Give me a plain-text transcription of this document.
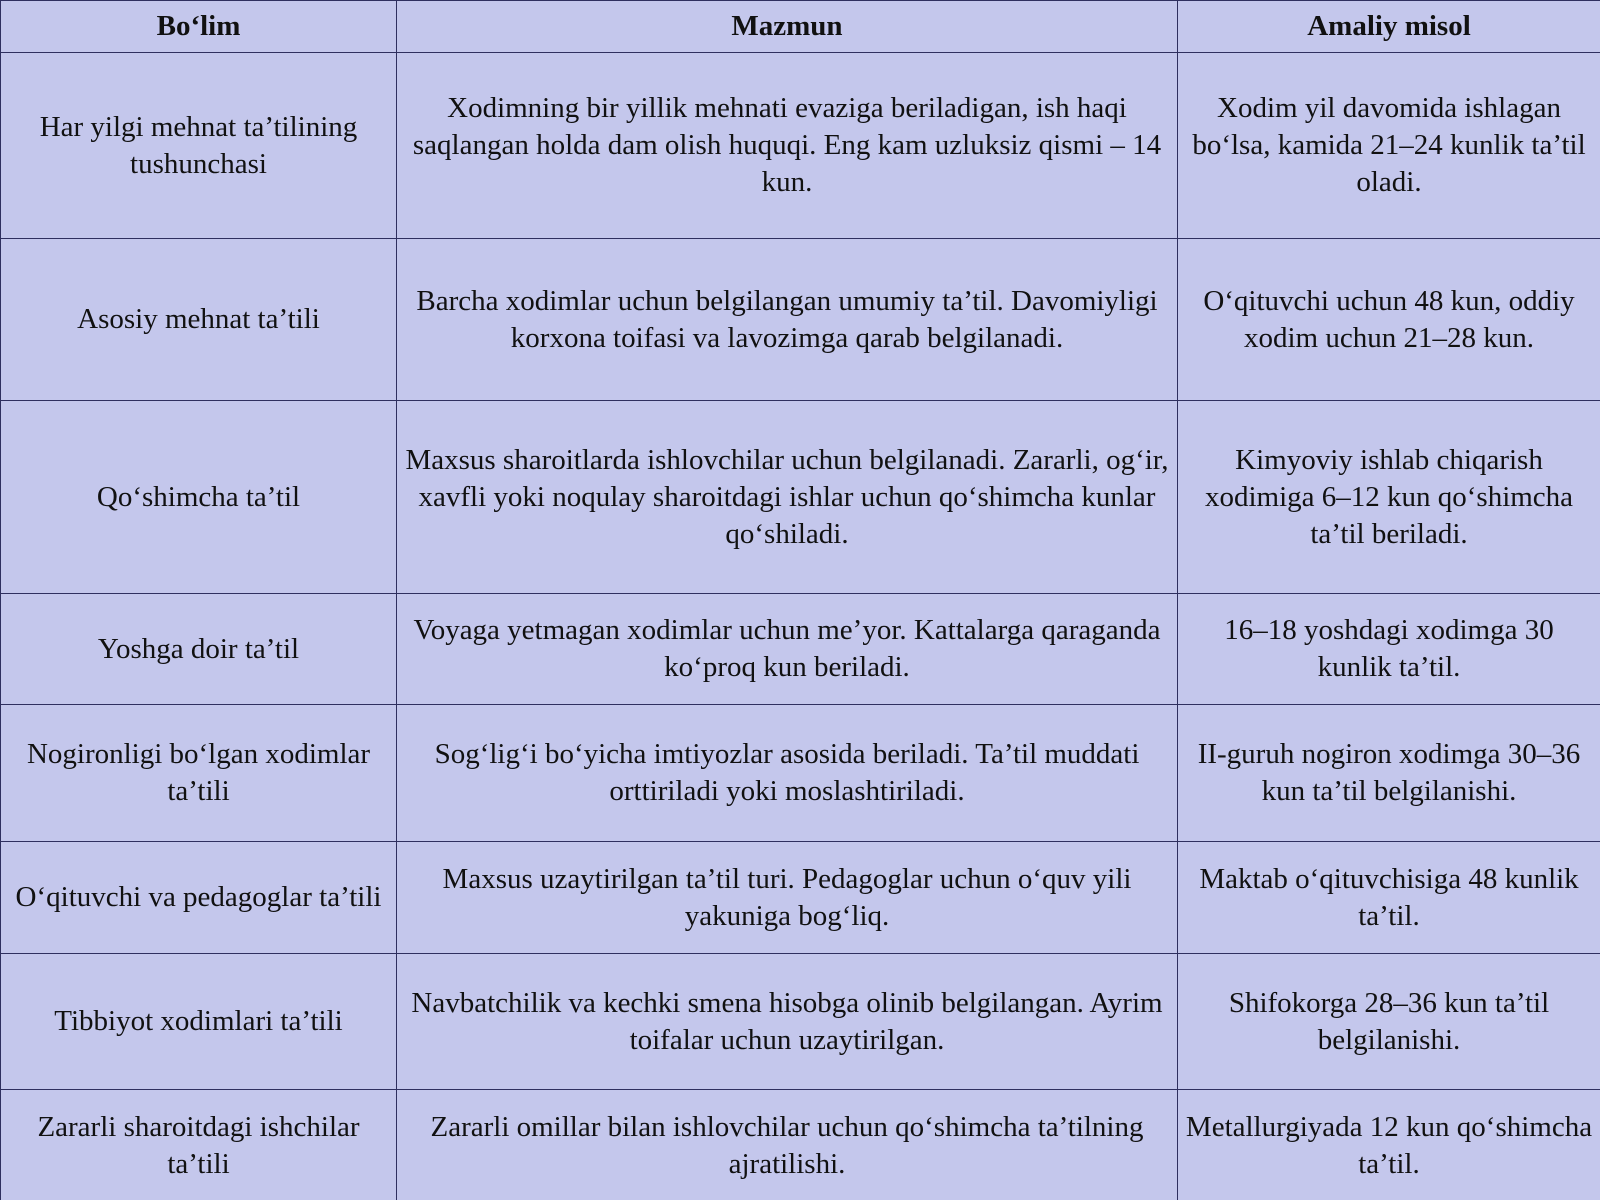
Bo‘lim	Mazmun	Amaliy misol
Har yilgi mehnat ta’tilining tushunchasi	Xodimning bir yillik mehnati evaziga beriladigan, ish haqi saqlangan holda dam olish huquqi. Eng kam uzluksiz qismi – 14 kun.	Xodim yil davomida ishlagan bo‘lsa, kamida 21–24 kunlik ta’til oladi.
Asosiy mehnat ta’tili	Barcha xodimlar uchun belgilangan umumiy ta’til. Davomiyligi korxona toifasi va lavozimga qarab belgilanadi.	O‘qituvchi uchun 48 kun, oddiy xodim uchun 21–28 kun.
Qo‘shimcha ta’til	Maxsus sharoitlarda ishlovchilar uchun belgilanadi. Zararli, og‘ir, xavfli yoki noqulay sharoitdagi ishlar uchun qo‘shimcha kunlar qo‘shiladi.	Kimyoviy ishlab chiqarish xodimiga 6–12 kun qo‘shimcha ta’til beriladi.
Yoshga doir ta’til	Voyaga yetmagan xodimlar uchun me’yor. Kattalarga qaraganda ko‘proq kun beriladi.	16–18 yoshdagi xodimga 30 kunlik ta’til.
Nogironligi bo‘lgan xodimlar ta’tili	Sog‘lig‘i bo‘yicha imtiyozlar asosida beriladi. Ta’til muddati orttiriladi yoki moslashtiriladi.	II-guruh nogiron xodimga 30–36 kun ta’til belgilanishi.
O‘qituvchi va pedagoglar ta’tili	Maxsus uzaytirilgan ta’til turi. Pedagoglar uchun o‘quv yili yakuniga bog‘liq.	Maktab o‘qituvchisiga 48 kunlik ta’til.
Tibbiyot xodimlari ta’tili	Navbatchilik va kechki smena hisobga olinib belgilangan. Ayrim toifalar uchun uzaytirilgan.	Shifokorga 28–36 kun ta’til belgilanishi.
Zararli sharoitdagi ishchilar ta’tili	Zararli omillar bilan ishlovchilar uchun qo‘shimcha ta’tilning ajratilishi.	Metallurgiyada 12 kun qo‘shimcha ta’til.
